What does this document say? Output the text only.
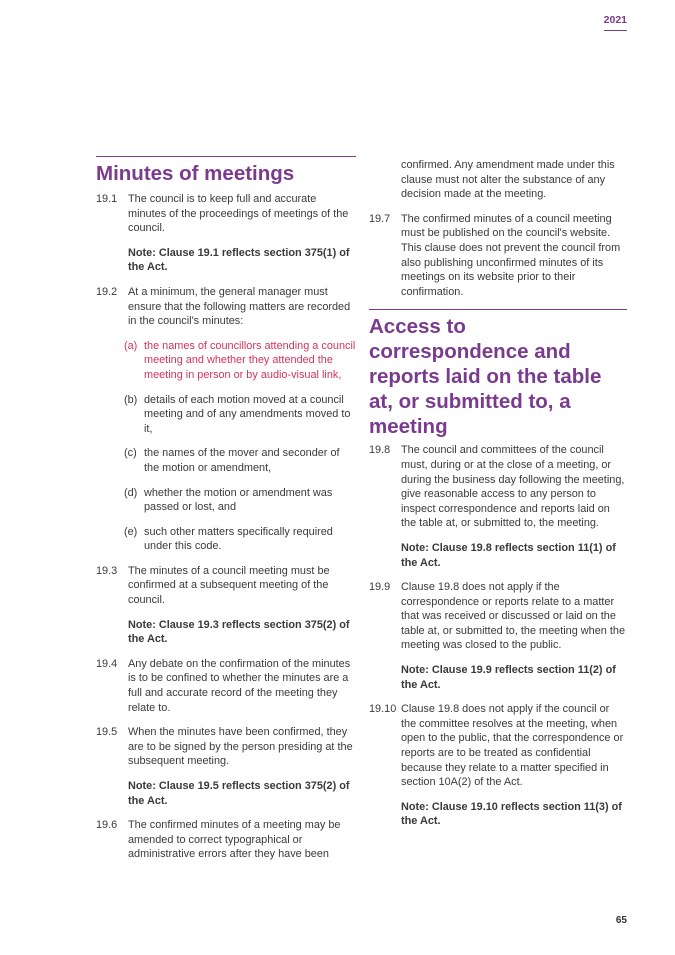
2021
Minutes of meetings
19.1 The council is to keep full and accurate minutes of the proceedings of meetings of the council.
Note: Clause 19.1 reflects section 375(1) of the Act.
19.2 At a minimum, the general manager must ensure that the following matters are recorded in the council's minutes:
(a) the names of councillors attending a council meeting and whether they attended the meeting in person or by audio-visual link,
(b) details of each motion moved at a council meeting and of any amendments moved to it,
(c) the names of the mover and seconder of the motion or amendment,
(d) whether the motion or amendment was passed or lost, and
(e) such other matters specifically required under this code.
19.3 The minutes of a council meeting must be confirmed at a subsequent meeting of the council.
Note: Clause 19.3 reflects section 375(2) of the Act.
19.4 Any debate on the confirmation of the minutes is to be confined to whether the minutes are a full and accurate record of the meeting they relate to.
19.5 When the minutes have been confirmed, they are to be signed by the person presiding at the subsequent meeting.
Note: Clause 19.5 reflects section 375(2) of the Act.
19.6 The confirmed minutes of a meeting may be amended to correct typographical or administrative errors after they have been
confirmed. Any amendment made under this clause must not alter the substance of any decision made at the meeting.
19.7 The confirmed minutes of a council meeting must be published on the council's website. This clause does not prevent the council from also publishing unconfirmed minutes of its meetings on its website prior to their confirmation.
Access to correspondence and reports laid on the table at, or submitted to, a meeting
19.8 The council and committees of the council must, during or at the close of a meeting, or during the business day following the meeting, give reasonable access to any person to inspect correspondence and reports laid on the table at, or submitted to, the meeting.
Note: Clause 19.8 reflects section 11(1) of the Act.
19.9 Clause 19.8 does not apply if the correspondence or reports relate to a matter that was received or discussed or laid on the table at, or submitted to, the meeting when the meeting was closed to the public.
Note: Clause 19.9 reflects section 11(2) of the Act.
19.10 Clause 19.8 does not apply if the council or the committee resolves at the meeting, when open to the public, that the correspondence or reports are to be treated as confidential because they relate to a matter specified in section 10A(2) of the Act.
Note: Clause 19.10 reflects section 11(3) of the Act.
65
